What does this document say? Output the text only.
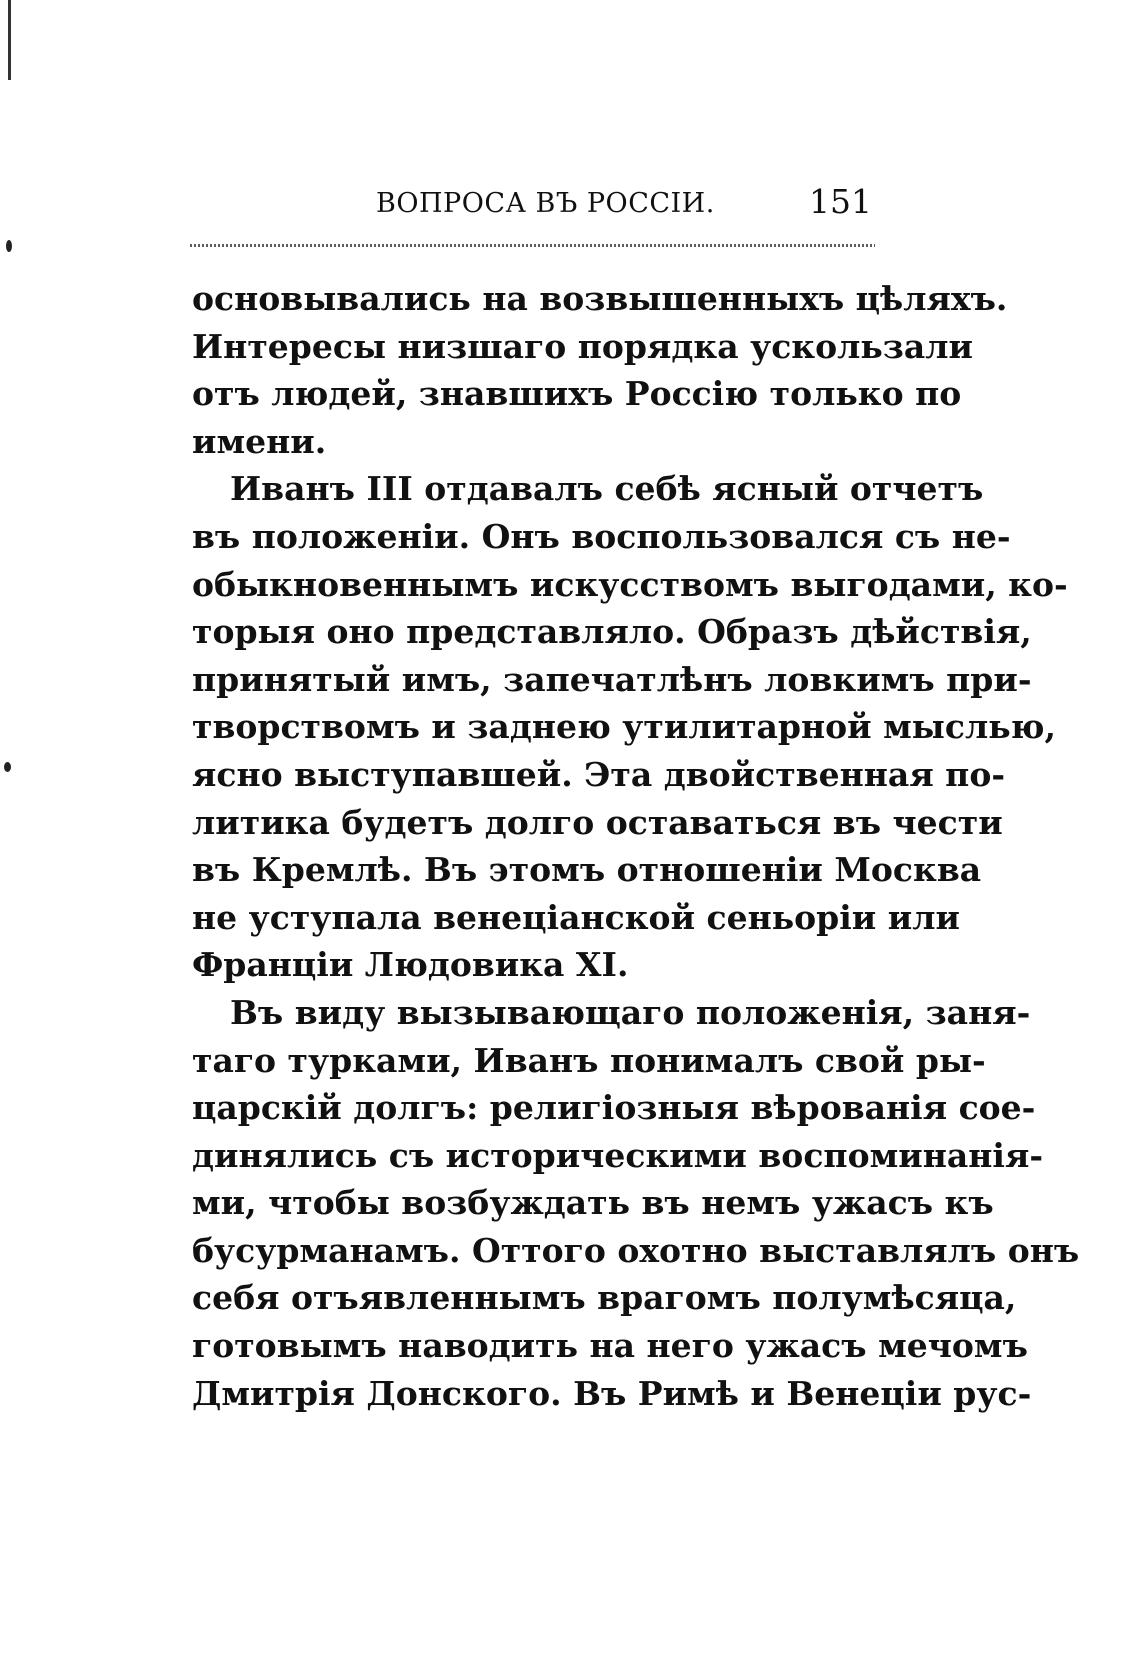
ВОПРОСА ВЪ РОССІИ.	151
основывались на возвышенныхъ цѣляхъ.
Интересы низшаго порядка ускользали
отъ людей, знавшихъ Россію только по
имени.
Иванъ III отдавалъ себѣ ясный отчетъ
въ положеніи. Онъ воспользовался съ не-
обыкновеннымъ искусствомъ выгодами, ко-
торыя оно представляло. Образъ дѣйствія,
принятый имъ, запечатлѣнъ ловкимъ при-
творствомъ и заднею утилитарной мыслью,
ясно выступавшей. Эта двойственная по-
литика будетъ долго оставаться въ чести
въ Кремлѣ. Въ этомъ отношеніи Москва
не уступала венеціанской сеньоріи или
Франціи Людовика XI.
Въ виду вызывающаго положенія, заня-
таго турками, Иванъ понималъ свой ры-
царскій долгъ: религіозныя вѣрованія сое-
динялись съ историческими воспоминанія-
ми, чтобы возбуждать въ немъ ужасъ къ
бусурманамъ. Оттого охотно выставлялъ онъ
себя отъявленнымъ врагомъ полумѣсяца,
готовымъ наводить на него ужасъ мечомъ
Дмитрія Донского. Въ Римѣ и Венеціи рус-
